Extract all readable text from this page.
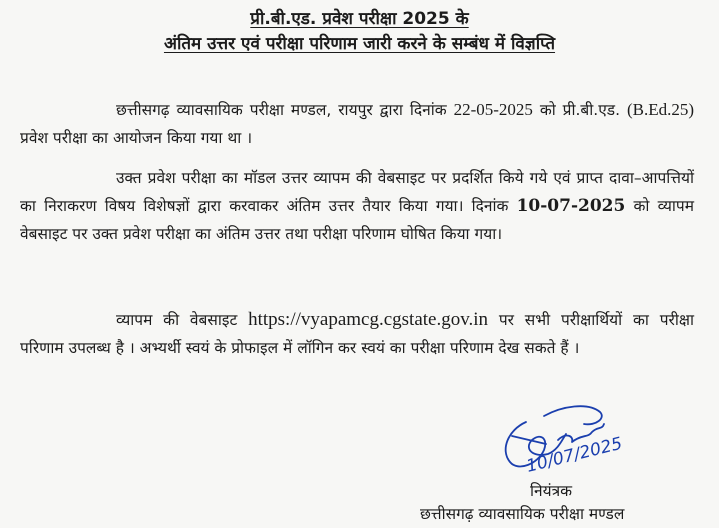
प्री.बी.एड. प्रवेश परीक्षा 2025 के
अंतिम उत्तर एवं परीक्षा परिणाम जारी करने के सम्बंध में विज्ञप्ति

छत्तीसगढ़ व्यावसायिक परीक्षा मण्डल, रायपुर द्वारा दिनांक 22-05-2025 को प्री.बी.एड. (B.Ed.25) प्रवेश परीक्षा का आयोजन किया गया था ।

उक्त प्रवेश परीक्षा का मॉडल उत्तर व्यापम की वेबसाइट पर प्रदर्शित किये गये एवं प्राप्त दावा–आपत्तियों का निराकरण विषय विशेषज्ञों द्वारा करवाकर अंतिम उत्तर तैयार किया गया। दिनांक 10-07-2025 को व्यापम वेबसाइट पर उक्त प्रवेश परीक्षा का अंतिम उत्तर तथा परीक्षा परिणाम घोषित किया गया।

व्यापम की वेबसाइट https://vyapamcg.cgstate.gov.in पर सभी परीक्षार्थियों का परीक्षा परिणाम उपलब्ध है । अभ्यर्थी स्वयं के प्रोफाइल में लॉगिन कर स्वयं का परीक्षा परिणाम देख सकते हैं ।

10/07/2025
नियंत्रक
छत्तीसगढ़ व्यावसायिक परीक्षा मण्डल
